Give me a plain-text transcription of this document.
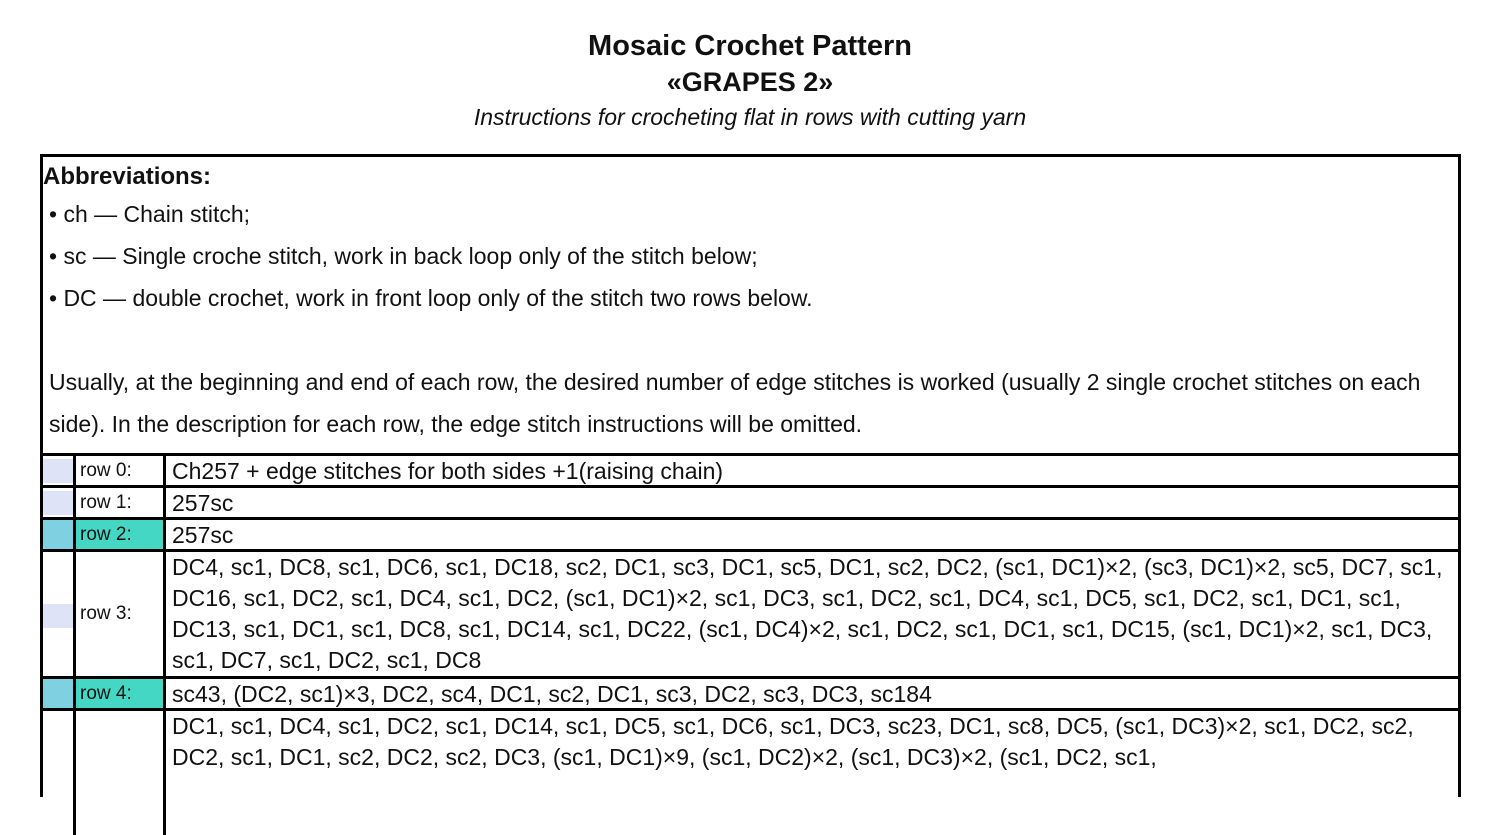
Mosaic Crochet Pattern

«GRAPES 2»

Instructions for crocheting flat in rows with cutting yarn

Abbreviations:
• ch — Chain stitch;
• sc — Single croche stitch, work in back loop only of the stitch below;
• DC — double crochet, work in front loop only of the stitch two rows below.
Usually, at the beginning and end of each row, the desired number of edge stitches is worked (usually 2 single crochet stitches on each side). In the description for each row, the edge stitch instructions will be omitted.
row 0:	Ch257 + edge stitches for both sides +1(raising chain)
row 1:	257sc
row 2:	257sc
row 3:
DC4, sc1, DC8, sc1, DC6, sc1, DC18, sc2, DC1, sc3, DC1, sc5, DC1, sc2, DC2, (sc1, DC1)×2, (sc3, DC1)×2, sc5, DC7, sc1, DC16, sc1, DC2, sc1, DC4, sc1, DC2, (sc1, DC1)×2, sc1, DC3, sc1, DC2, sc1, DC4, sc1, DC5, sc1, DC2, sc1, DC1, sc1, DC13, sc1, DC1, sc1, DC8, sc1, DC14, sc1, DC22, (sc1, DC4)×2, sc1, DC2, sc1, DC1, sc1, DC15, (sc1, DC1)×2, sc1, DC3, sc1, DC7, sc1, DC2, sc1, DC8
row 4:	sc43, (DC2, sc1)×3, DC2, sc4, DC1, sc2, DC1, sc3, DC2, sc3, DC3, sc184
DC1, sc1, DC4, sc1, DC2, sc1, DC14, sc1, DC5, sc1, DC6, sc1, DC3, sc23, DC1, sc8, DC5, (sc1, DC3)×2, sc1, DC2, sc2, DC2, sc1, DC1, sc2, DC2, sc2, DC3, (sc1, DC1)×9, (sc1, DC2)×2, (sc1, DC3)×2, (sc1, DC2, sc1,
